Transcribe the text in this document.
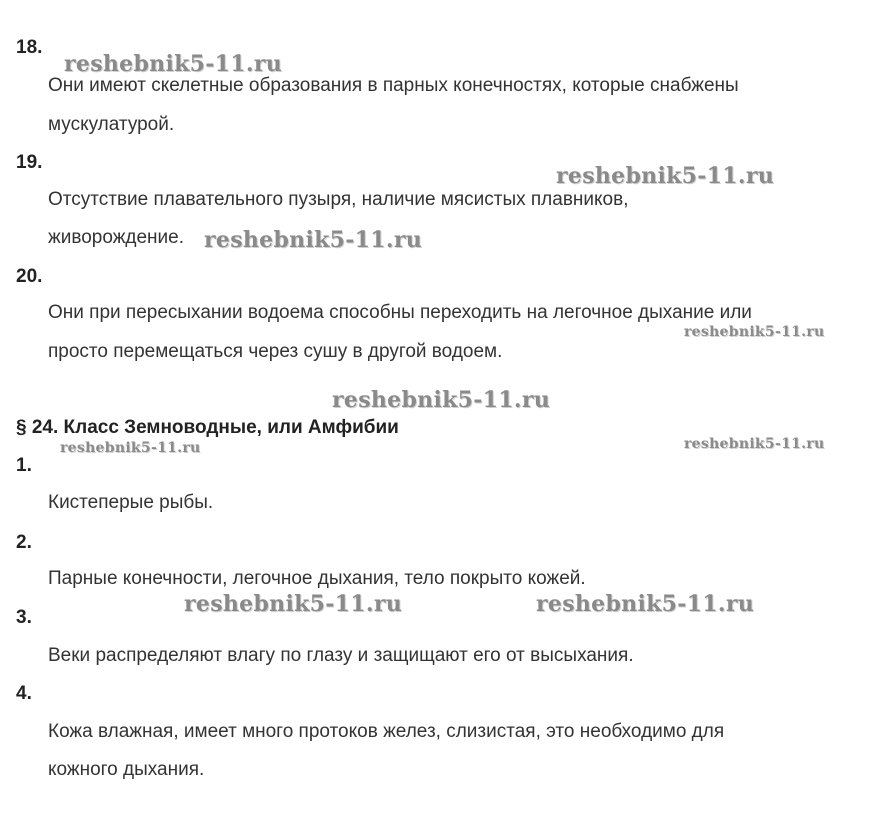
18.
Они имеют скелетные образования в парных конечностях, которые снабжены
мускулатурой.
19.
Отсутствие плавательного пузыря, наличие мясистых плавников,
живорождение.
20.
Они при пересыхании водоема способны переходить на легочное дыхание или
просто перемещаться через сушу в другой водоем.
§ 24. Класс Земноводные, или Амфибии
1.
Кистеперые рыбы.
2.
Парные конечности, легочное дыхания, тело покрыто кожей.
3.
Веки распределяют влагу по глазу и защищают его от высыхания.
4.
Кожа влажная, имеет много протоков желез, слизистая, это необходимо для
кожного дыхания.
reshebnik5-11.ru
reshebnik5-11.ru
reshebnik5-11.ru
reshebnik5-11.ru
reshebnik5-11.ru
reshebnik5-11.ru
reshebnik5-11.ru
reshebnik5-11.ru	reshebnik5-11.ru
